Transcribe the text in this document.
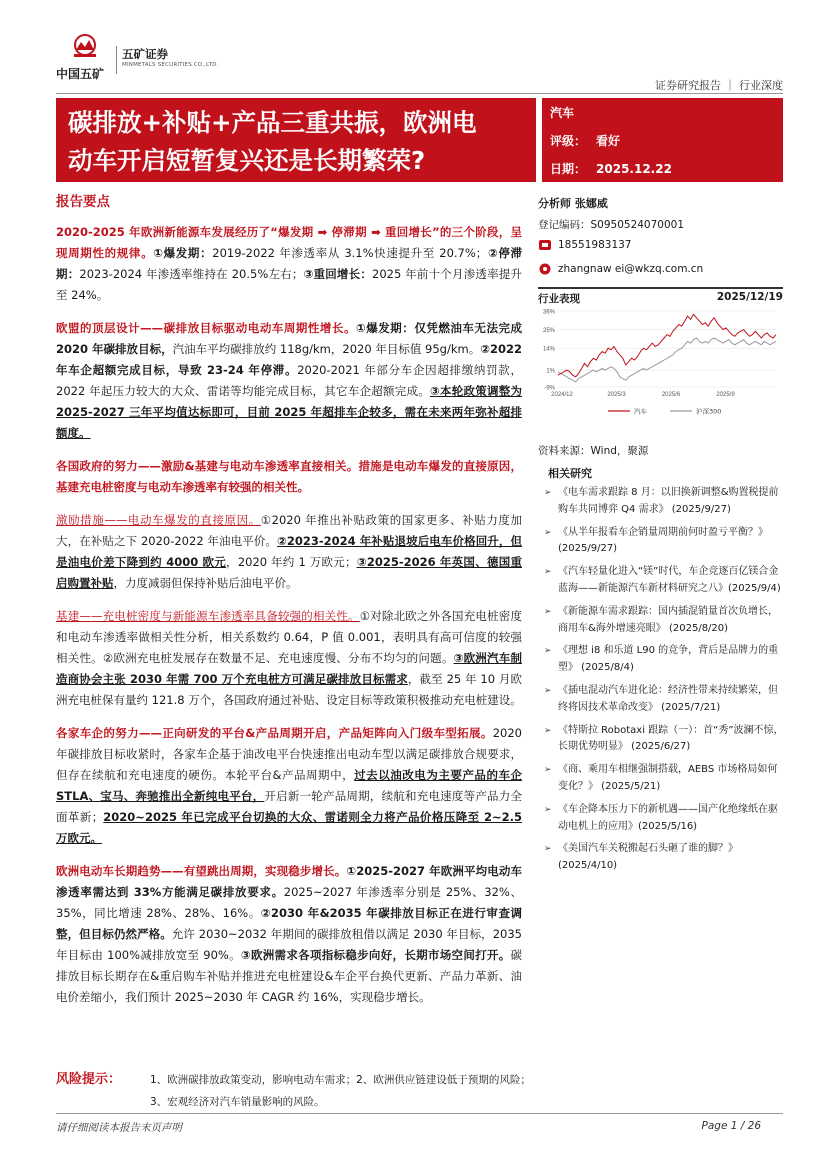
中国五矿
五矿证券
MINMETALS SECURITIES CO.,LTD.
证券研究报告 ｜ 行业深度
碳排放+补贴+产品三重共振，欧洲电
动车开启短暂复兴还是长期繁荣?
汽车
评级： 看好
日期： 2025.12.22
报告要点

2020-2025 年欧洲新能源车发展经历了“爆发期 ➡ 停滞期 ➡ 重回增长”的三个阶段，呈现周期性的规律。①爆发期：2019-2022 年渗透率从 3.1%快速提升至 20.7%；②停滞期：2023-2024 年渗透率维持在 20.5%左右；③重回增长：2025 年前十个月渗透率提升至 24%。

欧盟的顶层设计——碳排放目标驱动电动车周期性增长。①爆发期：仅凭燃油车无法完成 2020 年碳排放目标，汽油车平均碳排放约 118g/km，2020 年目标值 95g/km。②2022 年车企超额完成目标，导致 23-24 年停滞。2020-2021 年部分车企因超排缴纳罚款，2022 年起压力较大的大众、雷诺等均能完成目标，其它车企超额完成。③本轮政策调整为 2025-2027 三年平均值达标即可，目前 2025 年超排车企较多，需在未来两年弥补超排额度。

各国政府的努力——激励&基建与电动车渗透率直接相关。措施是电动车爆发的直接原因，基建充电桩密度与电动车渗透率有较强的相关性。

激励措施——电动车爆发的直接原因。①2020 年推出补贴政策的国家更多、补贴力度加大，在补贴之下 2020-2022 年油电平价。②2023-2024 年补贴退坡后电车价格回升，但是油电价差下降到约 4000 欧元，2020 年约 1 万欧元；③2025-2026 年英国、德国重启购置补贴，力度减弱但保持补贴后油电平价。

基建——充电桩密度与新能源车渗透率具备较强的相关性。①对除北欧之外各国充电桩密度和电动车渗透率做相关性分析，相关系数约 0.64，P 值 0.001，表明具有高可信度的较强相关性。②欧洲充电桩发展存在数量不足、充电速度慢、分布不均匀的问题。③欧洲汽车制造商协会主张 2030 年需 700 万个充电桩方可满足碳排放目标需求，截至 25 年 10 月欧洲充电桩保有量约 121.8 万个，各国政府通过补贴、设定目标等政策积极推动充电桩建设。

各家车企的努力——正向研发的平台&产品周期开启，产品矩阵向入门级车型拓展。2020 年碳排放目标收紧时，各家车企基于油改电平台快速推出电动车型以满足碳排放合规要求，但存在续航和充电速度的硬伤。本轮平台&产品周期中，过去以油改电为主要产品的车企 STLA、宝马、奔驰推出全新纯电平台，开启新一轮产品周期，续航和充电速度等产品力全面革新；2020~2025 年已完成平台切换的大众、雷诺则全力将产品价格压降至 2~2.5 万欧元。

欧洲电动车长期趋势——有望跳出周期，实现稳步增长。①2025-2027 年欧洲平均电动车渗透率需达到 33%方能满足碳排放要求。2025~2027 年渗透率分别是 25%、32%、35%，同比增速 28%、28%、16%。②2030 年&2035 年碳排放目标正在进行审查调整，但目标仍然严格。允许 2030~2032 年期间的碳排放租借以满足 2030 年目标，2035 年目标由 100%减排放宽至 90%。③欧洲需求各项指标稳步向好，长期市场空间打开。碳排放目标长期存在&重启购车补贴并推进充电桩建设&车企平台换代更新、产品力革新、油电价差缩小，我们预计 2025~2030 年 CAGR 约 16%，实现稳步增长。

分析师 张娜威
登记编码：S0950524070001
18551983137
zhangnaw ei@wkzq.com.cn
行业表现	2025/12/19
-9%
1%
14%
25%
36%
2024/12	2025/3	2025/6	2025/9
汽车	沪深300
资料来源：Wind，聚源
相关研究
➢ 《电车需求跟踪 8 月：以旧换新调整&购置税提前购车共同博弈 Q4 需求》 (2025/9/27)
➢ 《从半年报看车企销量周期前何时盈亏平衡？》 (2025/9/27)
➢ 《汽车轻量化进入“镁”时代，车企竞逐百亿镁合金蓝海——新能源汽车新材料研究之八》(2025/9/4)
➢ 《新能源车需求跟踪：国内插混销量首次负增长，商用车&海外增速亮眼》 (2025/8/20)
➢ 《理想 i8 和乐道 L90 的竞争，背后是品牌力的重塑》 (2025/8/4)
➢ 《插电混动汽车进化论：经济性带来持续繁荣，但终将因技术革命改变》 (2025/7/21)
➢ 《特斯拉 Robotaxi 跟踪（一）：首“秀”波澜不惊，长期优势明显》 (2025/6/27)
➢ 《商、乘用车相继强制搭载，AEBS 市场格局如何变化？》 (2025/5/21)
➢ 《车企降本压力下的新机遇——国产化绝缘纸在驱动电机上的应用》(2025/5/16)
➢ 《美国汽车关税搬起石头砸了谁的脚？》 (2025/4/10)
风险提示：	1、欧洲碳排放政策变动，影响电动车需求；2、欧洲供应链建设低于预期的风险；
3、宏观经济对汽车销量影响的风险。
请仔细阅读本报告末页声明	Page 1 / 26
